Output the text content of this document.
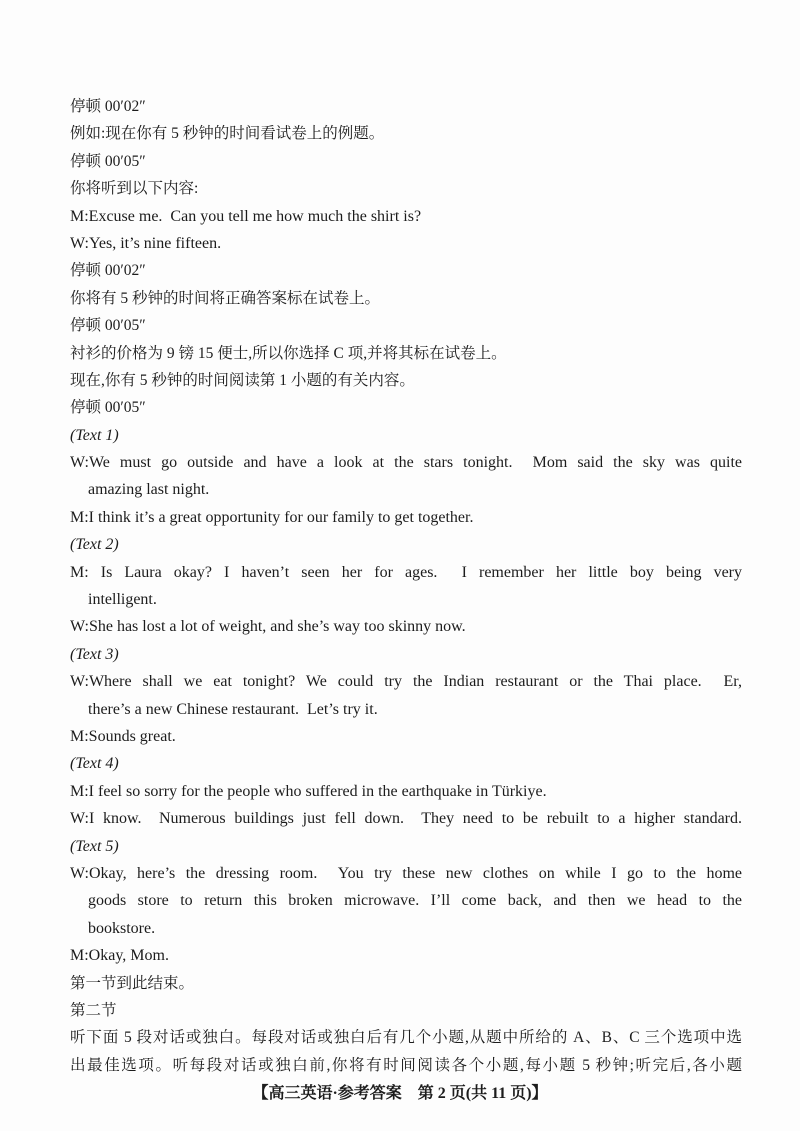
停顿 00′02″
例如:现在你有 5 秒钟的时间看试卷上的例题。
停顿 00′05″
你将听到以下内容:
M:Excuse me.  Can you tell me how much the shirt is?
W:Yes, it’s nine fifteen.
停顿 00′02″
你将有 5 秒钟的时间将正确答案标在试卷上。
停顿 00′05″
衬衫的价格为 9 镑 15 便士,所以你选择 C 项,并将其标在试卷上。
现在,你有 5 秒钟的时间阅读第 1 小题的有关内容。
停顿 00′05″
(Text 1)
W:We must go outside and have a look at the stars tonight.  Mom said the sky was quite
amazing last night.
M:I think it’s a great opportunity for our family to get together.
(Text 2)
M: Is Laura okay? I haven’t seen her for ages.  I remember her little boy being very
intelligent.
W:She has lost a lot of weight, and she’s way too skinny now.
(Text 3)
W:Where shall we eat tonight? We could try the Indian restaurant or the Thai place.  Er,
there’s a new Chinese restaurant.  Let’s try it.
M:Sounds great.
(Text 4)
M:I feel so sorry for the people who suffered in the earthquake in Türkiye.
W:I know.  Numerous buildings just fell down.  They need to be rebuilt to a higher standard.
(Text 5)
W:Okay, here’s the dressing room.  You try these new clothes on while I go to the home
goods store to return this broken microwave. I’ll come back, and then we head to the
bookstore.
M:Okay, Mom.
第一节到此结束。
第二节
听下面 5 段对话或独白。每段对话或独白后有几个小题,从题中所给的 A、B、C 三个选项中选
出最佳选项。听每段对话或独白前,你将有时间阅读各个小题,每小题 5 秒钟;听完后,各小题
【高三英语·参考答案　第 2 页(共 11 页)】
